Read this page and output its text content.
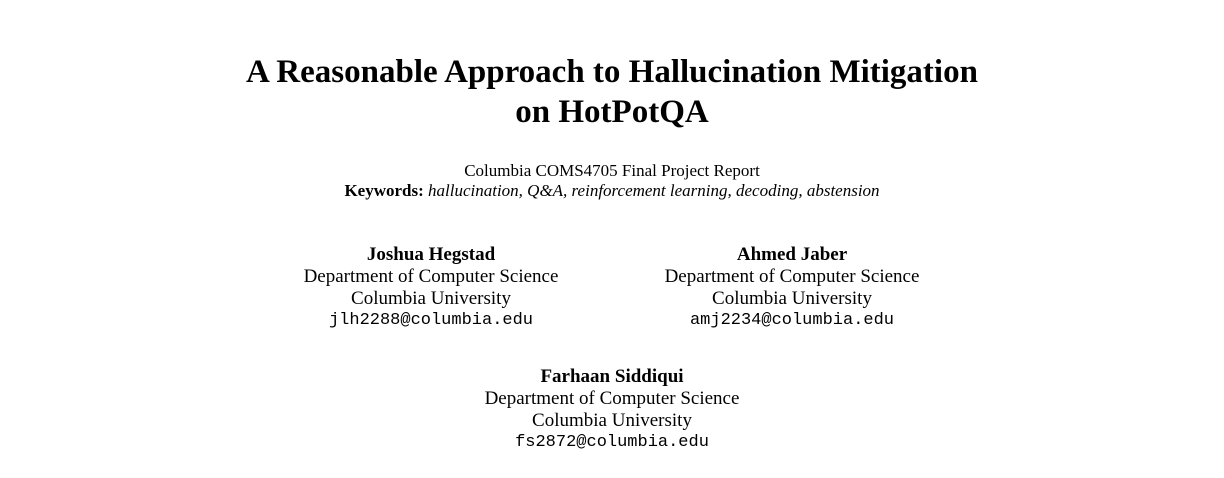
A Reasonable Approach to Hallucination Mitigation
on HotPotQA
Columbia COMS4705 Final Project Report
Keywords: hallucination, Q&A, reinforcement learning, decoding, abstension
Joshua Hegstad
Department of Computer Science
Columbia University
jlh2288@columbia.edu
Ahmed Jaber
Department of Computer Science
Columbia University
amj2234@columbia.edu
Farhaan Siddiqui
Department of Computer Science
Columbia University
fs2872@columbia.edu
